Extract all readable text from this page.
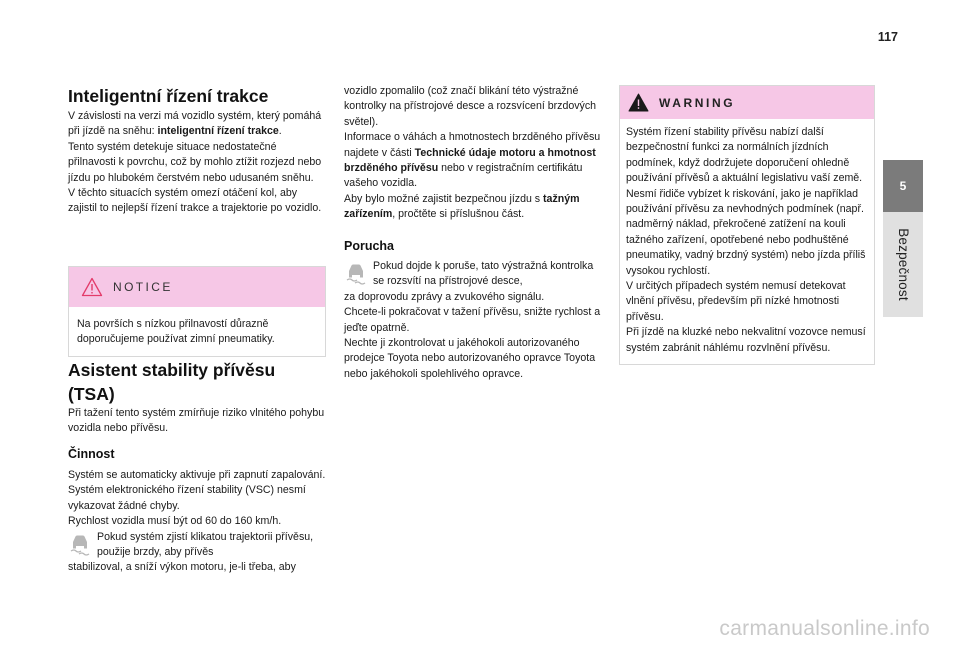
117
5
Bezpečnost
Inteligentní řízení trakce

V závislosti na verzi má vozidlo systém, který pomáhá při jízdě na sněhu: inteligentní řízení trakce.

Tento systém detekuje situace nedostatečné přilnavosti k povrchu, což by mohlo ztížit rozjezd nebo jízdu po hlubokém čerstvém nebo udusaném sněhu.

V těchto situacích systém omezí otáčení kol, aby zajistil to nejlepší řízení trakce a trajektorie po vozidlo.

NOTICE
Na površích s nízkou přilnavostí důrazně doporučujeme používat zimní pneumatiky.
Asistent stability přívěsu
(TSA)
Při tažení tento systém zmírňuje riziko vlnitého pohybu vozidla nebo přívěsu.
Činnost

Systém se automaticky aktivuje při zapnutí zapalování.

Systém elektronického řízení stability (VSC) nesmí vykazovat žádné chyby.

Rychlost vozidla musí být od 60 do 160 km/h.

Pokud systém zjistí klikatou trajektorii přívěsu, použije brzdy, aby přívěs

stabilizoval, a sníží výkon motoru, je-li třeba, aby

vozidlo zpomalilo (což značí blikání této výstražné kontrolky na přístrojové desce a rozsvícení brzdových světel).

Informace o váhách a hmotnostech brzděného přívěsu najdete v části Technické údaje motoru a hmotnost brzděného přívěsu nebo v registračním certifikátu vašeho vozidla.

Aby bylo možné zajistit bezpečnou jízdu s tažným zařízením, pročtěte si příslušnou část.

Porucha

Pokud dojde k poruše, tato výstražná kontrolka se rozsvítí na přístrojové desce,

za doprovodu zprávy a zvukového signálu.

Chcete-li pokračovat v tažení přívěsu, snižte rychlost a jeďte opatrně.

Nechte ji zkontrolovat u jakéhokoli autorizovaného prodejce Toyota nebo autorizovaného opravce Toyota nebo jakéhokoli spolehlivého opravce.

WARNING

Systém řízení stability přívěsu nabízí další bezpečnostní funkci za normálních jízdních podmínek, když dodržujete doporučení ohledně používání přívěsů a aktuální legislativu vaší země. Nesmí řidiče vybízet k riskování, jako je například používání přívěsu za nevhodných podmínek (např. nadměrný náklad, překročené zatížení na kouli tažného zařízení, opotřebené nebo podhuštěné pneumatiky, vadný brzdný systém) nebo jízda příliš vysokou rychlostí.

V určitých případech systém nemusí detekovat vlnění přívěsu, především při nízké hmotnosti přívěsu.

Při jízdě na kluzké nebo nekvalitní vozovce nemusí systém zabránit náhlému rozvlnění přívěsu.

carmanualsonline.info
